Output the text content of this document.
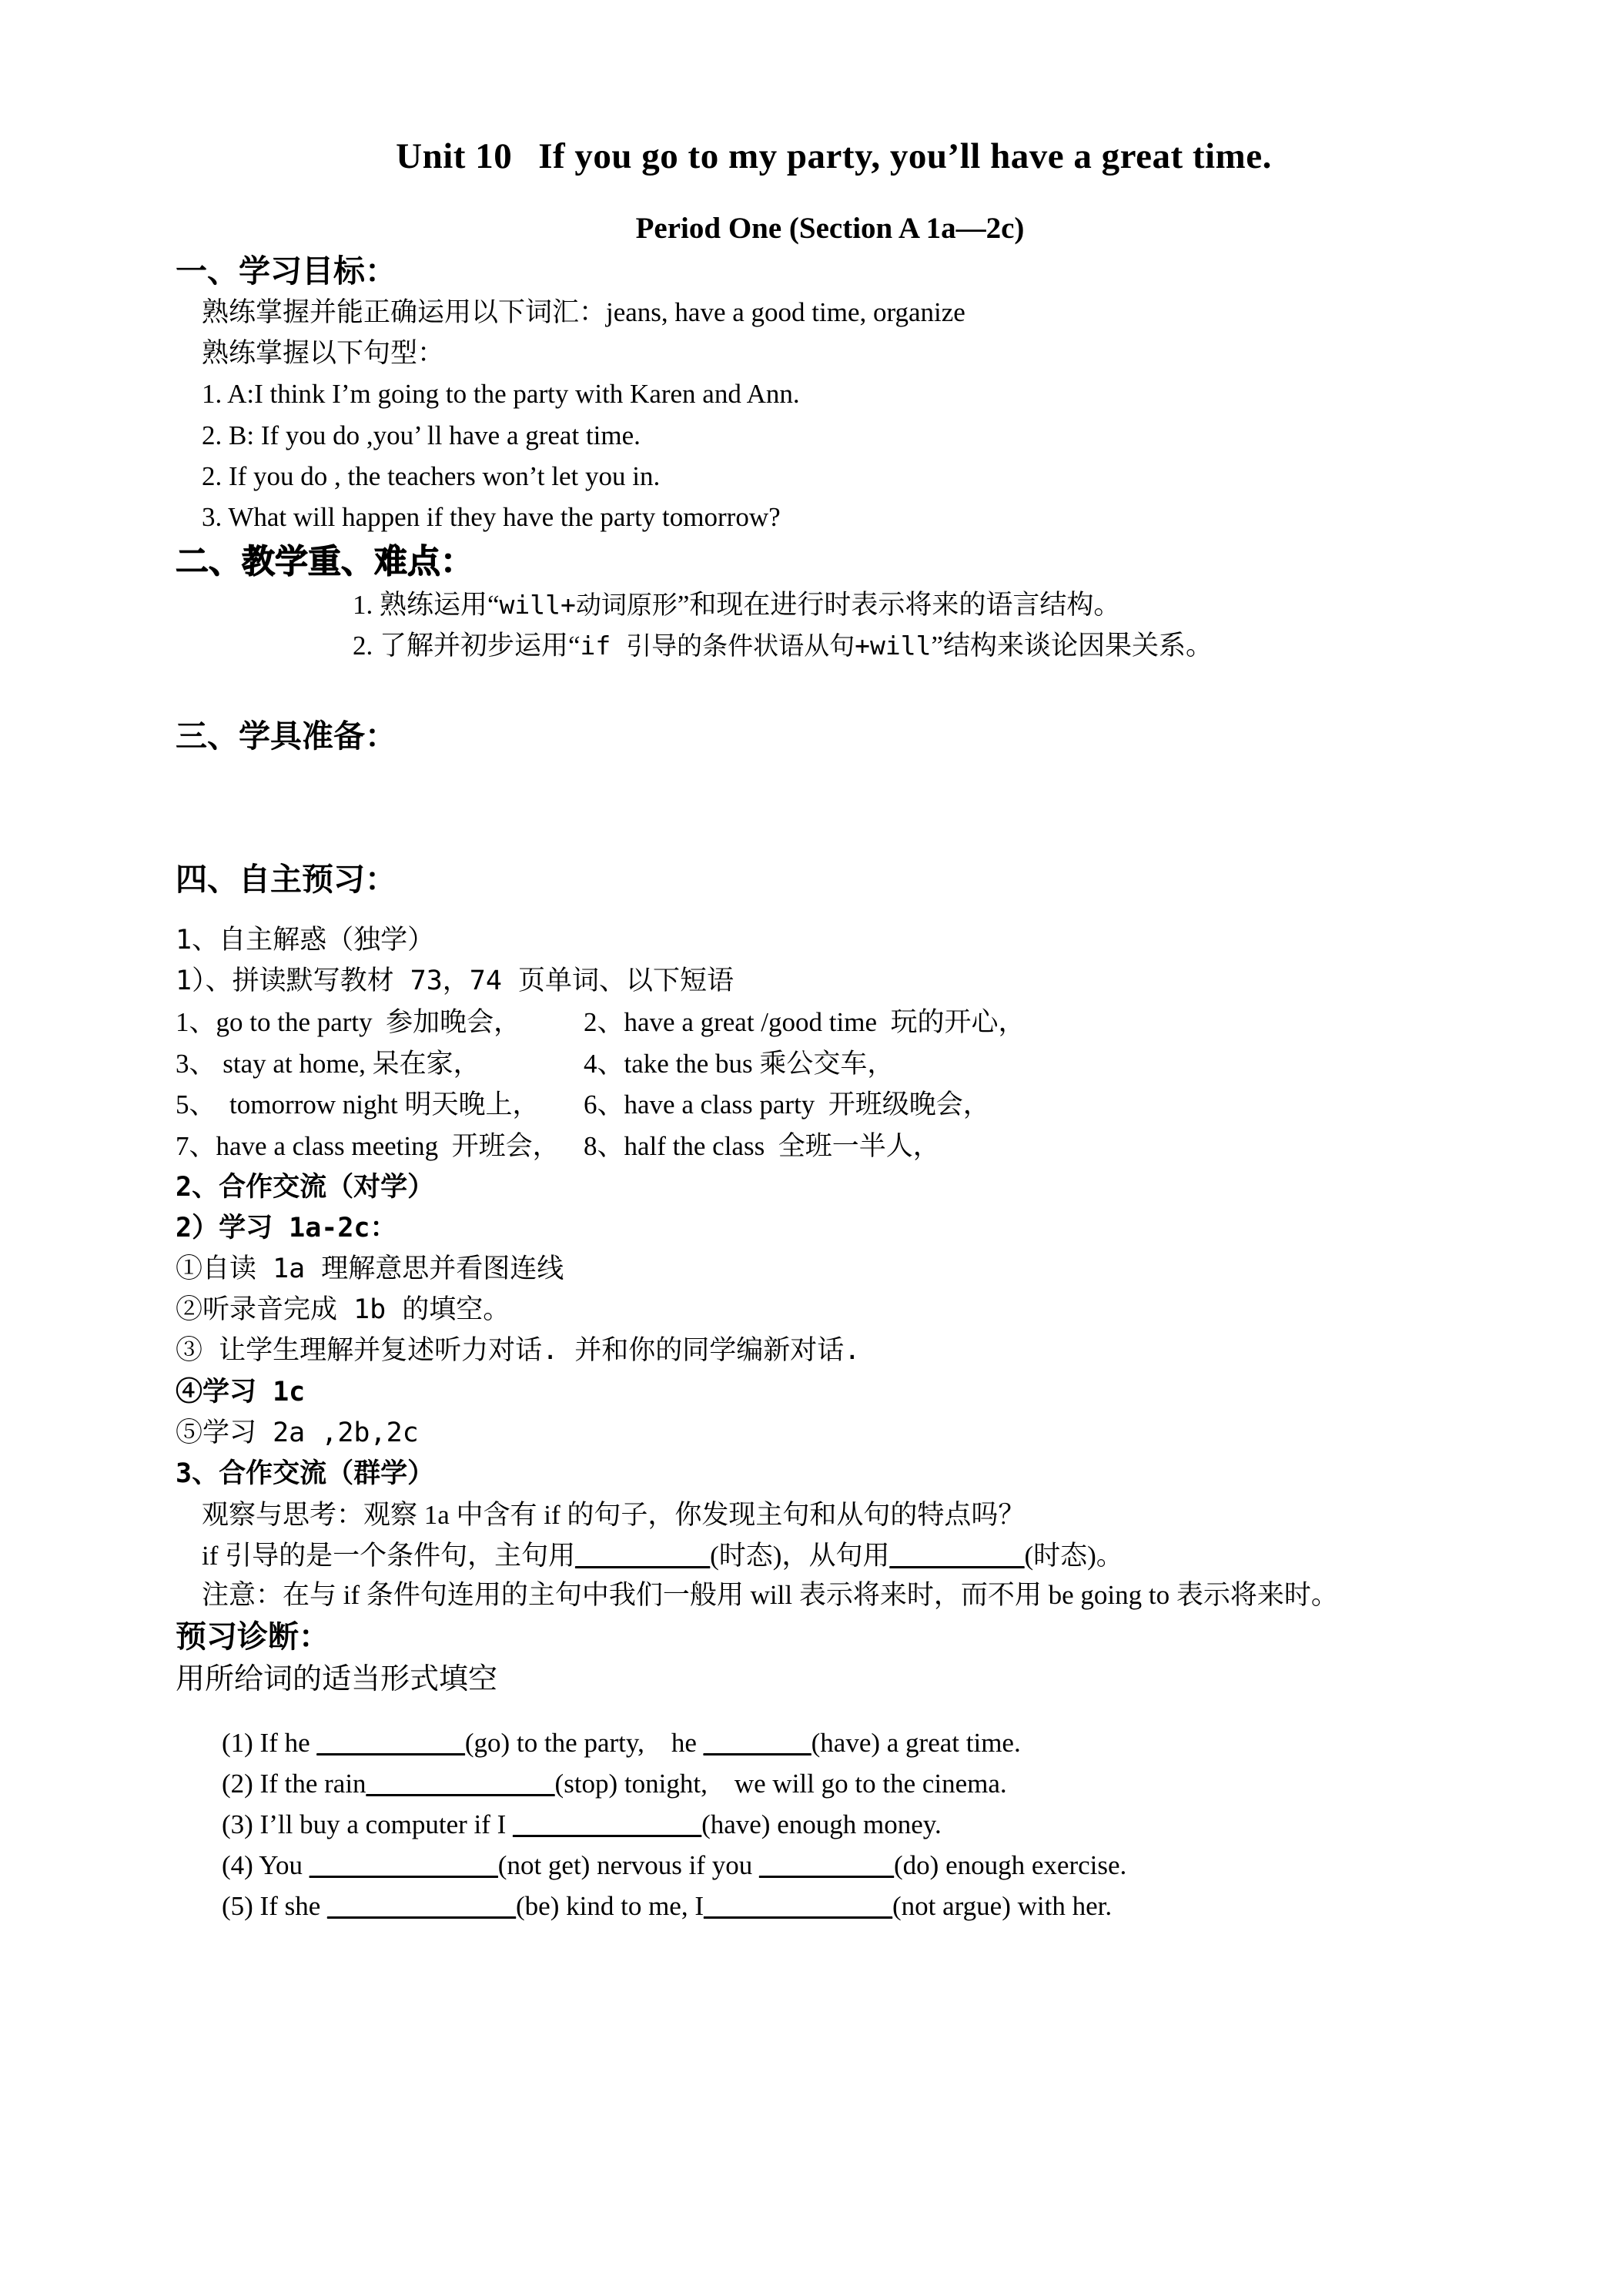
Unit 10 If you go to my party, you’ll have a great time.
Period One (Section A 1a—2c)
一、学习目标：

熟练掌握并能正确运用以下词汇：jeans, have a good time, organize

熟练掌握以下句型：

1. A:I think I’m going to the party with Karen and Ann.

2. B: If you do ,you’ ll have a great time.

2. If you do , the teachers won’t let you in.

3. What will happen if they have the party tomorrow?

二、教学重、难点：

1. 熟练运用“will+动词原形”和现在进行时表示将来的语言结构。

2. 了解并初步运用“if 引导的条件状语从句+will”结构来谈论因果关系。

三、学具准备：
四、自主预习：

1、自主解惑（独学）

1）、拼读默写教材 73，74 页单词、以下短语

1、go to the party  参加晚会，	2、have a great /good time  玩的开心，
3、 stay at home, 呆在家，	4、take the bus 乘公交车，
5、  tomorrow night 明天晚上，	6、have a class party  开班级晚会，
7、have a class meeting  开班会， 8、half the class  全班一半人，

2、合作交流（对学）

2）学习 1a-2c：

①自读 1a 理解意思并看图连线

②听录音完成 1b 的填空。

③ 让学生理解并复述听力对话. 并和你的同学编新对话.

④学习 1c

⑤学习 2a ,2b,2c

3、合作交流（群学）

观察与思考：观察 1a 中含有 if 的句子，你发现主句和从句的特点吗？

if 引导的是一个条件句，主句用__________(时态)，从句用__________(时态)。

注意：在与 if 条件句连用的主句中我们一般用 will 表示将来时，而不用 be going to 表示将来时。

预习诊断：

用所给词的适当形式填空

(1) If he ___________(go) to the party,    he ________(have) a great time.

(2) If the rain______________(stop) tonight,    we will go to the cinema.

(3) I’ll buy a computer if I ______________(have) enough money.

(4) You ______________(not get) nervous if you __________(do) enough exercise.

(5) If she ______________(be) kind to me, I______________(not argue) with her.
